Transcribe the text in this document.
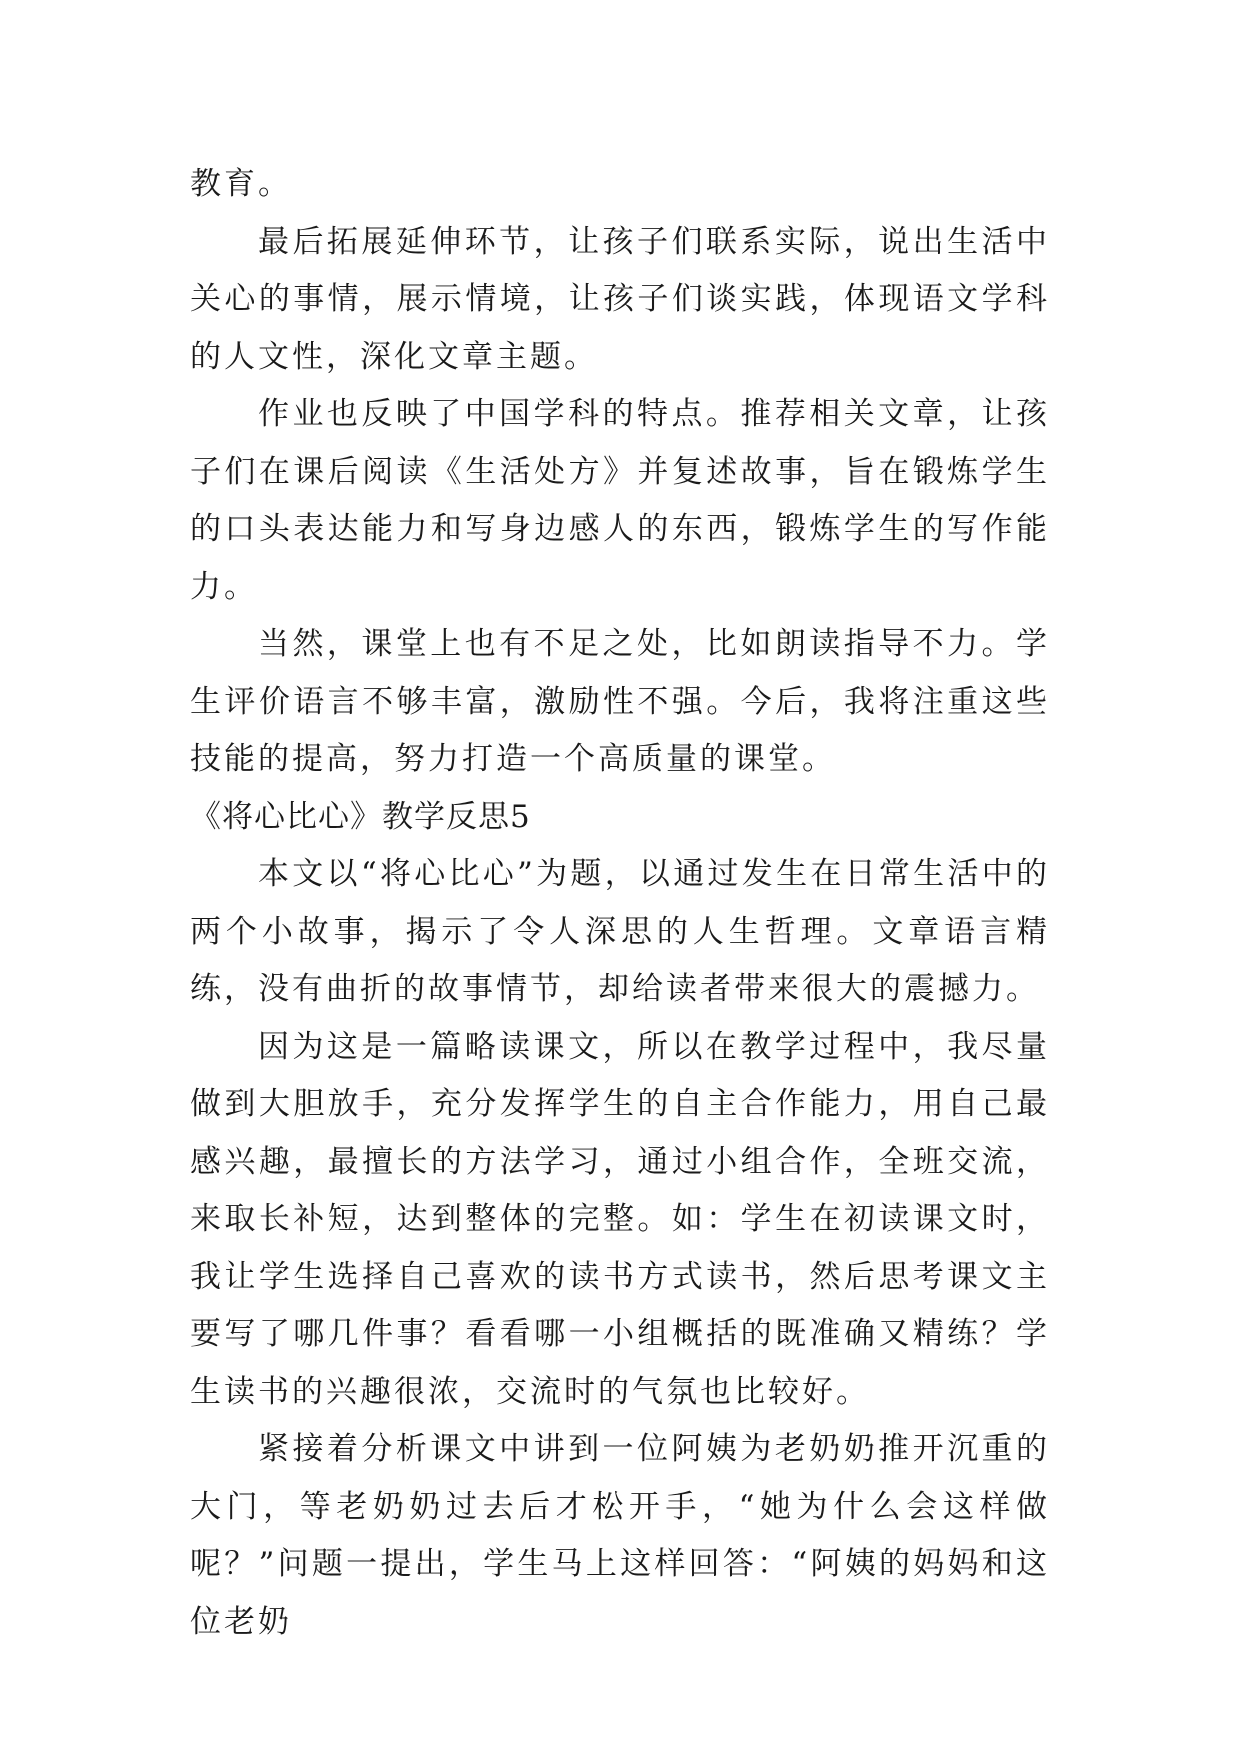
教育。

最后拓展延伸环节，让孩子们联系实际，说出生活中关心的事情，展示情境，让孩子们谈实践，体现语文学科的人文性，深化文章主题。

作业也反映了中国学科的特点。推荐相关文章，让孩子们在课后阅读《生活处方》并复述故事，旨在锻炼学生的口头表达能力和写身边感人的东西，锻炼学生的写作能力。

当然，课堂上也有不足之处，比如朗读指导不力。学生评价语言不够丰富，激励性不强。今后，我将注重这些技能的提高，努力打造一个高质量的课堂。

《将心比心》教学反思5

本文以“将心比心”为题，以通过发生在日常生活中的两个小故事，揭示了令人深思的人生哲理。文章语言精练，没有曲折的故事情节，却给读者带来很大的震撼力。

因为这是一篇略读课文，所以在教学过程中，我尽量做到大胆放手，充分发挥学生的自主合作能力，用自己最感兴趣，最擅长的方法学习，通过小组合作，全班交流，来取长补短，达到整体的完整。如：学生在初读课文时，我让学生选择自己喜欢的读书方式读书，然后思考课文主要写了哪几件事？看看哪一小组概括的既准确又精练？学生读书的兴趣很浓，交流时的气氛也比较好。

紧接着分析课文中讲到一位阿姨为老奶奶推开沉重的大门，等老奶奶过去后才松开手，“她为什么会这样做呢？”问题一提出，学生马上这样回答：“阿姨的妈妈和这位老奶
